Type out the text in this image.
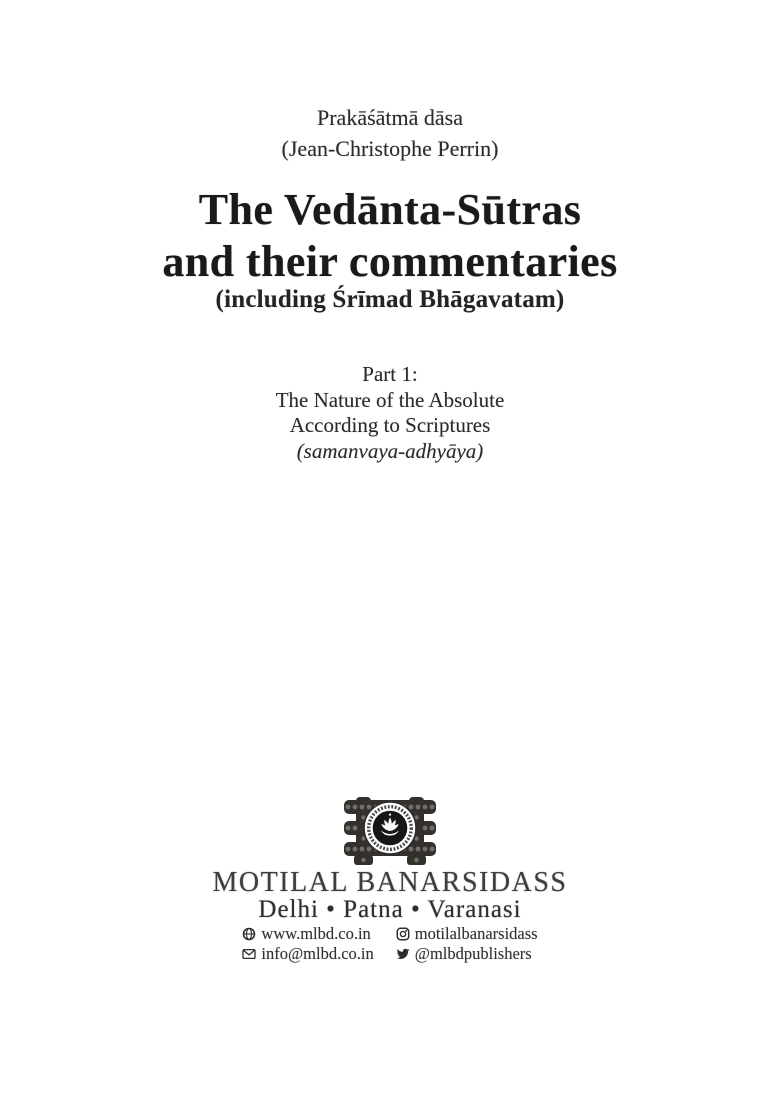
Prakāśātmā dāsa
(Jean-Christophe Perrin)
The Vedānta-Sūtras
and their commentaries
(including Śrīmad Bhāgavatam)
Part 1:
The Nature of the Absolute
According to Scriptures
(samanvaya-adhyāya)
MOTILAL BANARSIDASS
Delhi • Patna • Varanasi
www.mlbd.co.in	motilalbanarsidass
info@mlbd.co.in @mlbdpublishers
